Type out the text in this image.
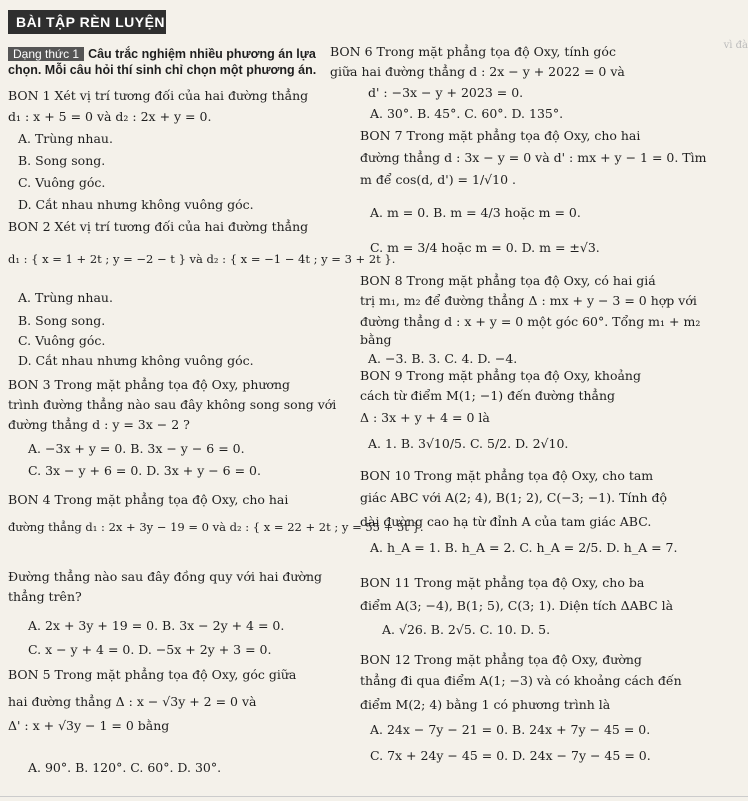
BÀI TẬP RÈN LUYỆN
Dạng thức 1 Câu trắc nghiệm nhiều phương án lựa
chọn. Mỗi câu hỏi thí sinh chỉ chọn một phương án.
vì đà
BON 1 Xét vị trí tương đối của hai đường thẳng
d₁ : x + 5 = 0 và d₂ : 2x + y = 0.
A. Trùng nhau.
B. Song song.
C. Vuông góc.
D. Cắt nhau nhưng không vuông góc.
BON 2 Xét vị trí tương đối của hai đường thẳng
d₁ : { x = 1 + 2t ; y = −2 − t } và d₂ : { x = −1 − 4t ; y = 3 + 2t }.
A. Trùng nhau.
B. Song song.
C. Vuông góc.
D. Cắt nhau nhưng không vuông góc.
BON 3 Trong mặt phẳng tọa độ Oxy, phương
trình đường thẳng nào sau đây không song song với
đường thẳng d : y = 3x − 2 ?
A. −3x + y = 0. B. 3x − y − 6 = 0.
C. 3x − y + 6 = 0. D. 3x + y − 6 = 0.
BON 4 Trong mặt phẳng tọa độ Oxy, cho hai
đường thẳng d₁ : 2x + 3y − 19 = 0 và d₂ : { x = 22 + 2t ; y = 55 + 5t }.
Đường thẳng nào sau đây đồng quy với hai đường
thẳng trên?
A. 2x + 3y + 19 = 0. B. 3x − 2y + 4 = 0.
C. x − y + 4 = 0. D. −5x + 2y + 3 = 0.
BON 5 Trong mặt phẳng tọa độ Oxy, góc giữa
hai đường thẳng Δ : x − √3y + 2 = 0 và
Δ' : x + √3y − 1 = 0 bằng
A. 90°. B. 120°. C. 60°. D. 30°.
BON 6 Trong mặt phẳng tọa độ Oxy, tính góc
giữa hai đường thẳng d : 2x − y + 2022 = 0 và
d' : −3x − y + 2023 = 0.
A. 30°. B. 45°. C. 60°. D. 135°.
BON 7 Trong mặt phẳng tọa độ Oxy, cho hai
đường thẳng d : 3x − y = 0 và d' : mx + y − 1 = 0. Tìm
m để cos(d, d') = 1/√10 .
A. m = 0. B. m = 4/3 hoặc m = 0.
C. m = 3/4 hoặc m = 0. D. m = ±√3.
BON 8 Trong mặt phẳng tọa độ Oxy, có hai giá
trị m₁, m₂ để đường thẳng Δ : mx + y − 3 = 0 hợp với
đường thẳng d : x + y = 0 một góc 60°. Tổng m₁ + m₂
bằng
A. −3. B. 3. C. 4. D. −4.
BON 9 Trong mặt phẳng tọa độ Oxy, khoảng
cách từ điểm M(1; −1) đến đường thẳng
Δ : 3x + y + 4 = 0 là
A. 1. B. 3√10/5. C. 5/2. D. 2√10.
BON 10 Trong mặt phẳng tọa độ Oxy, cho tam
giác ABC với A(2; 4), B(1; 2), C(−3; −1). Tính độ
dài đường cao hạ từ đỉnh A của tam giác ABC.
A. h_A = 1. B. h_A = 2. C. h_A = 2/5. D. h_A = 7.
BON 11 Trong mặt phẳng tọa độ Oxy, cho ba
điểm A(3; −4), B(1; 5), C(3; 1). Diện tích ΔABC là
A. √26. B. 2√5. C. 10. D. 5.
BON 12 Trong mặt phẳng tọa độ Oxy, đường
thẳng đi qua điểm A(1; −3) và có khoảng cách đến
điểm M(2; 4) bằng 1 có phương trình là
A. 24x − 7y − 21 = 0. B. 24x + 7y − 45 = 0.
C. 7x + 24y − 45 = 0. D. 24x − 7y − 45 = 0.
